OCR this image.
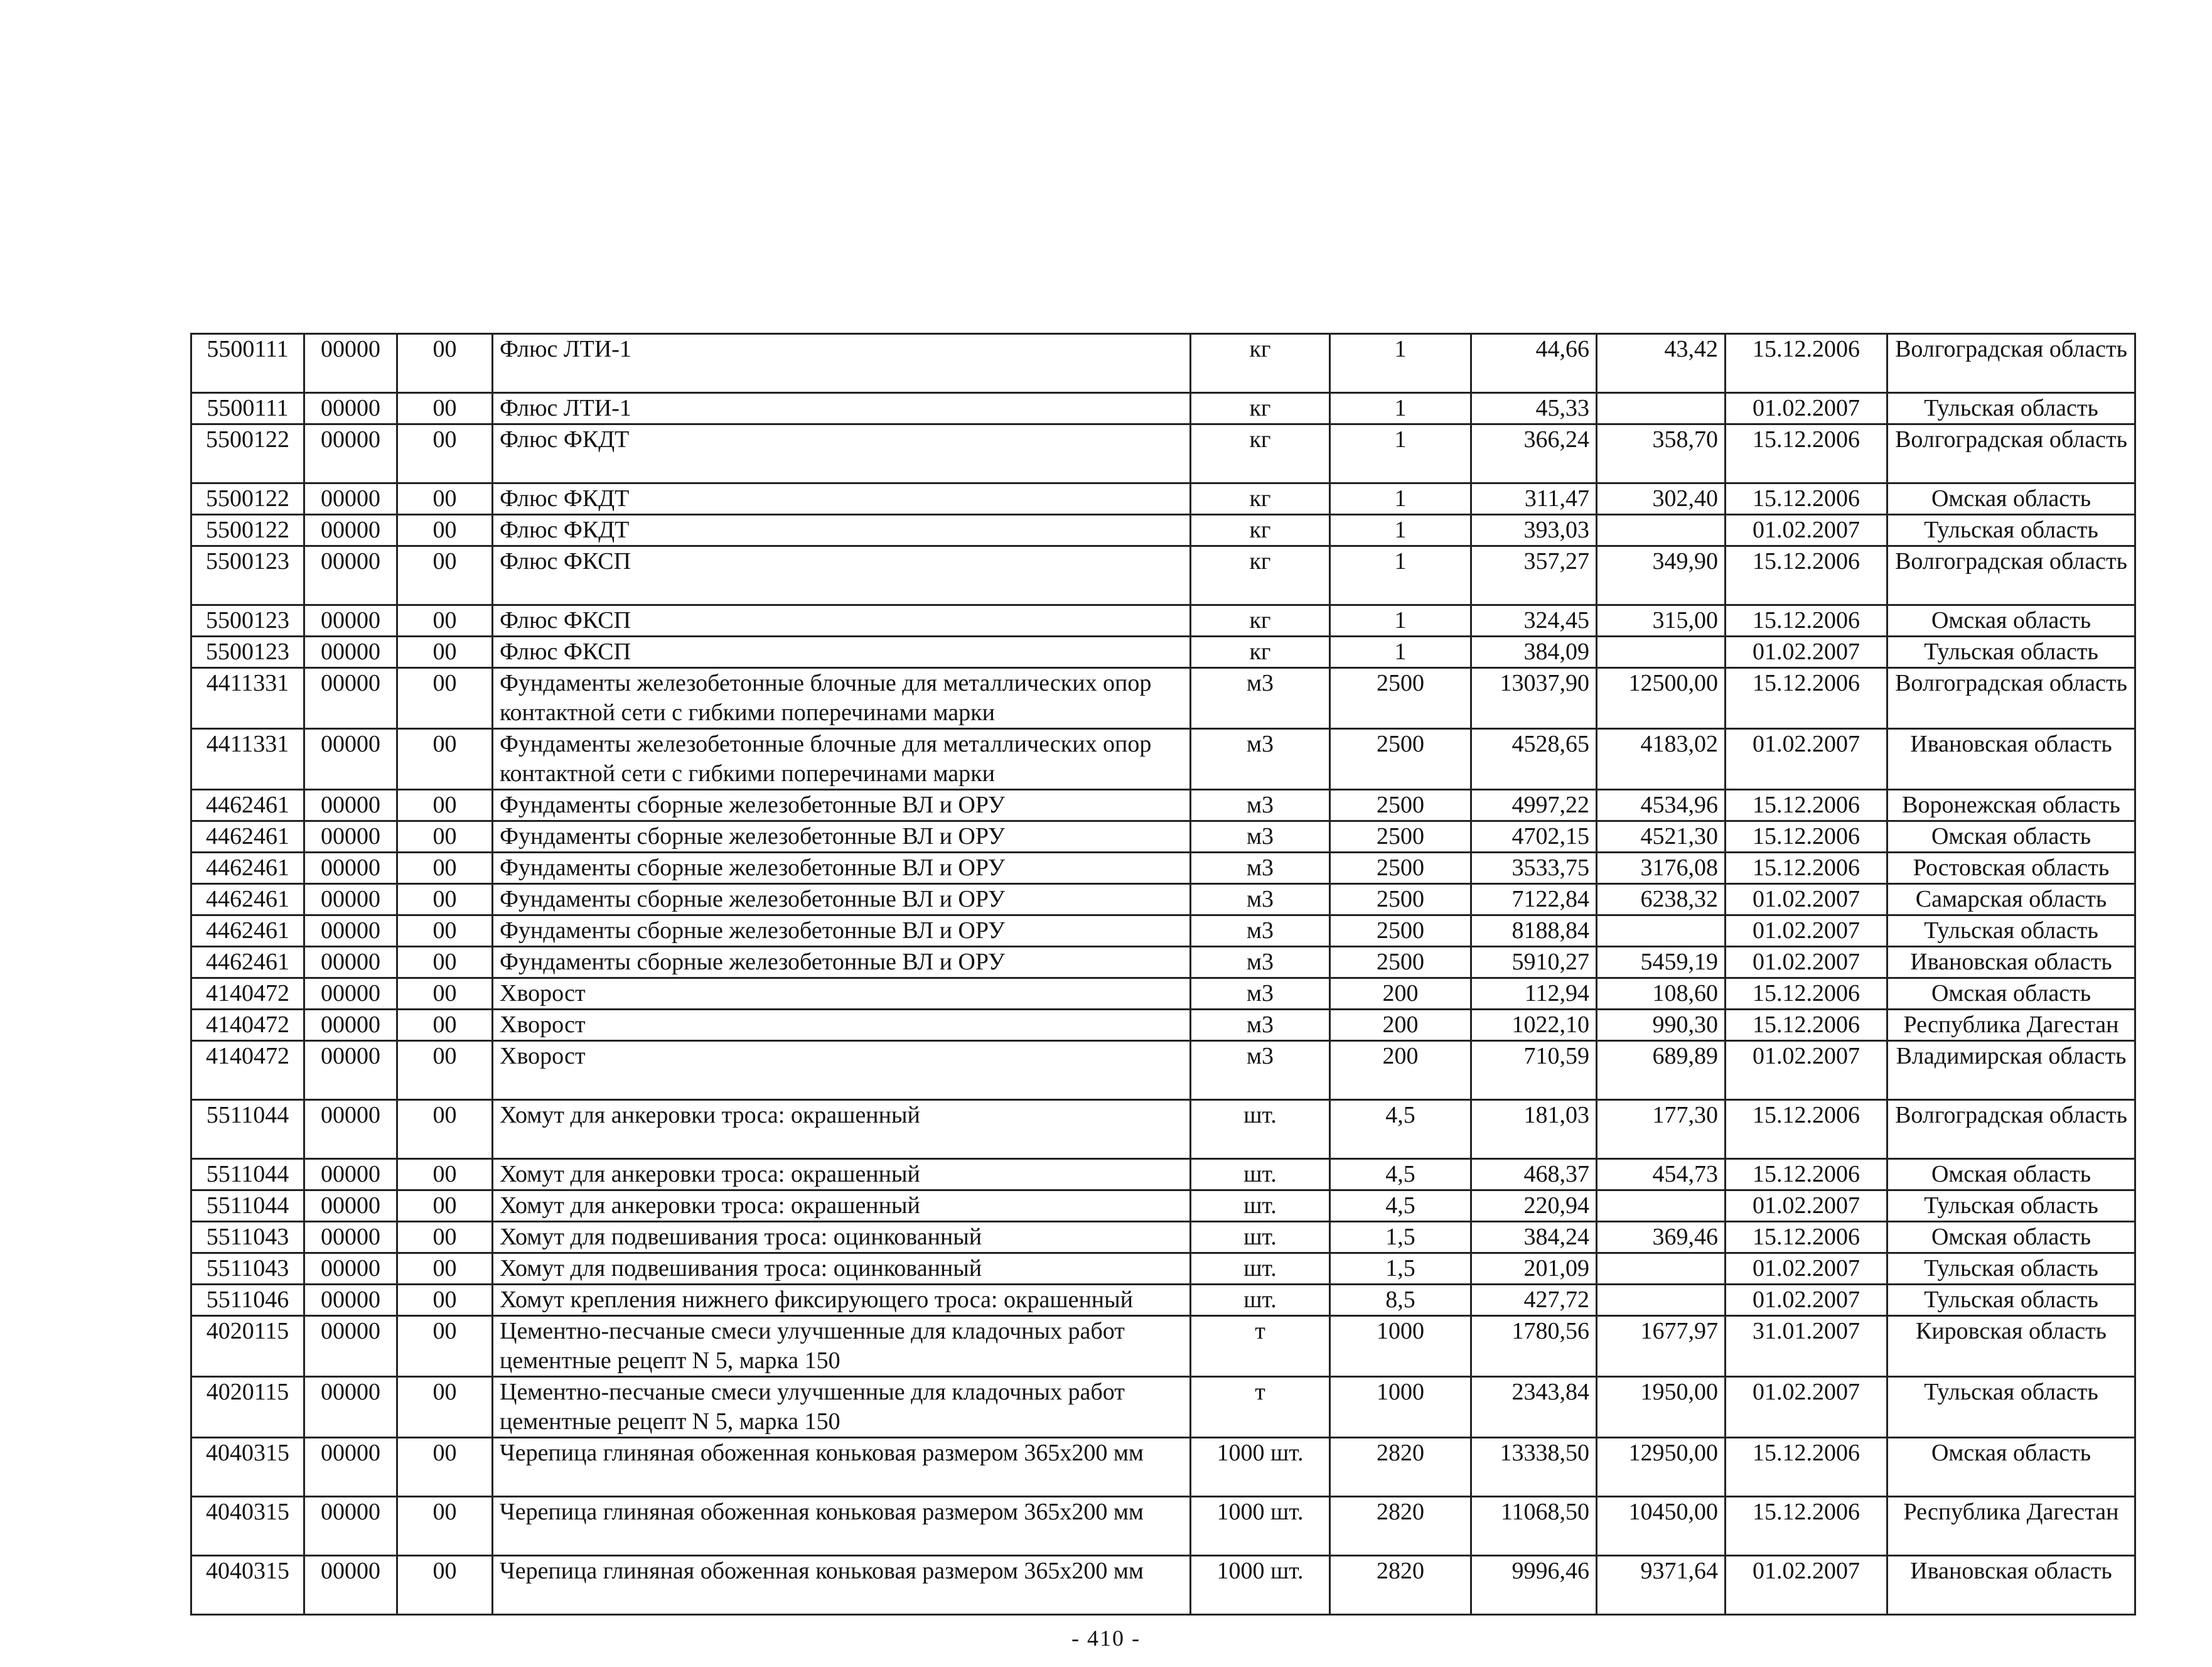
5500111	00000	00	Флюс ЛТИ-1	кг	1	44,66	43,42	15.12.2006	Волгоградская область
5500111	00000	00	Флюс ЛТИ-1	кг	1	45,33		01.02.2007	Тульская область
5500122	00000	00	Флюс ФКДТ	кг	1	366,24	358,70	15.12.2006	Волгоградская область
5500122	00000	00	Флюс ФКДТ	кг	1	311,47	302,40	15.12.2006	Омская область
5500122	00000	00	Флюс ФКДТ	кг	1	393,03		01.02.2007	Тульская область
5500123	00000	00	Флюс ФКСП	кг	1	357,27	349,90	15.12.2006	Волгоградская область
5500123	00000	00	Флюс ФКСП	кг	1	324,45	315,00	15.12.2006	Омская область
5500123	00000	00	Флюс ФКСП	кг	1	384,09		01.02.2007	Тульская область
4411331	00000	00	Фундаменты железобетонные блочные для металлических опор контактной сети с гибкими поперечинами марки	м3	2500	13037,90	12500,00	15.12.2006	Волгоградская область
4411331	00000	00	Фундаменты железобетонные блочные для металлических опор контактной сети с гибкими поперечинами марки	м3	2500	4528,65	4183,02	01.02.2007	Ивановская область
4462461	00000	00	Фундаменты сборные железобетонные ВЛ и ОРУ	м3	2500	4997,22	4534,96	15.12.2006	Воронежская область
4462461	00000	00	Фундаменты сборные железобетонные ВЛ и ОРУ	м3	2500	4702,15	4521,30	15.12.2006	Омская область
4462461	00000	00	Фундаменты сборные железобетонные ВЛ и ОРУ	м3	2500	3533,75	3176,08	15.12.2006	Ростовская область
4462461	00000	00	Фундаменты сборные железобетонные ВЛ и ОРУ	м3	2500	7122,84	6238,32	01.02.2007	Самарская область
4462461	00000	00	Фундаменты сборные железобетонные ВЛ и ОРУ	м3	2500	8188,84		01.02.2007	Тульская область
4462461	00000	00	Фундаменты сборные железобетонные ВЛ и ОРУ	м3	2500	5910,27	5459,19	01.02.2007	Ивановская область
4140472	00000	00	Хворост	м3	200	112,94	108,60	15.12.2006	Омская область
4140472	00000	00	Хворост	м3	200	1022,10	990,30	15.12.2006	Республика Дагестан
4140472	00000	00	Хворост	м3	200	710,59	689,89	01.02.2007	Владимирская область
5511044	00000	00	Хомут для анкеровки троса: окрашенный	шт.	4,5	181,03	177,30	15.12.2006	Волгоградская область
5511044	00000	00	Хомут для анкеровки троса: окрашенный	шт.	4,5	468,37	454,73	15.12.2006	Омская область
5511044	00000	00	Хомут для анкеровки троса: окрашенный	шт.	4,5	220,94		01.02.2007	Тульская область
5511043	00000	00	Хомут для подвешивания троса: оцинкованный	шт.	1,5	384,24	369,46	15.12.2006	Омская область
5511043	00000	00	Хомут для подвешивания троса: оцинкованный	шт.	1,5	201,09		01.02.2007	Тульская область
5511046	00000	00	Хомут крепления нижнего фиксирующего троса: окрашенный	шт.	8,5	427,72		01.02.2007	Тульская область
4020115	00000	00	Цементно-песчаные смеси улучшенные для кладочных работ цементные рецепт N 5, марка 150	т	1000	1780,56	1677,97	31.01.2007	Кировская область
4020115	00000	00	Цементно-песчаные смеси улучшенные для кладочных работ цементные рецепт N 5, марка 150	т	1000	2343,84	1950,00	01.02.2007	Тульская область
4040315	00000	00	Черепица глиняная обоженная коньковая размером 365x200 мм	1000 шт.	2820	13338,50	12950,00	15.12.2006	Омская область
4040315	00000	00	Черепица глиняная обоженная коньковая размером 365x200 мм	1000 шт.	2820	11068,50	10450,00	15.12.2006	Республика Дагестан
4040315	00000	00	Черепица глиняная обоженная коньковая размером 365x200 мм	1000 шт.	2820	9996,46	9371,64	01.02.2007	Ивановская область
- 410 -
